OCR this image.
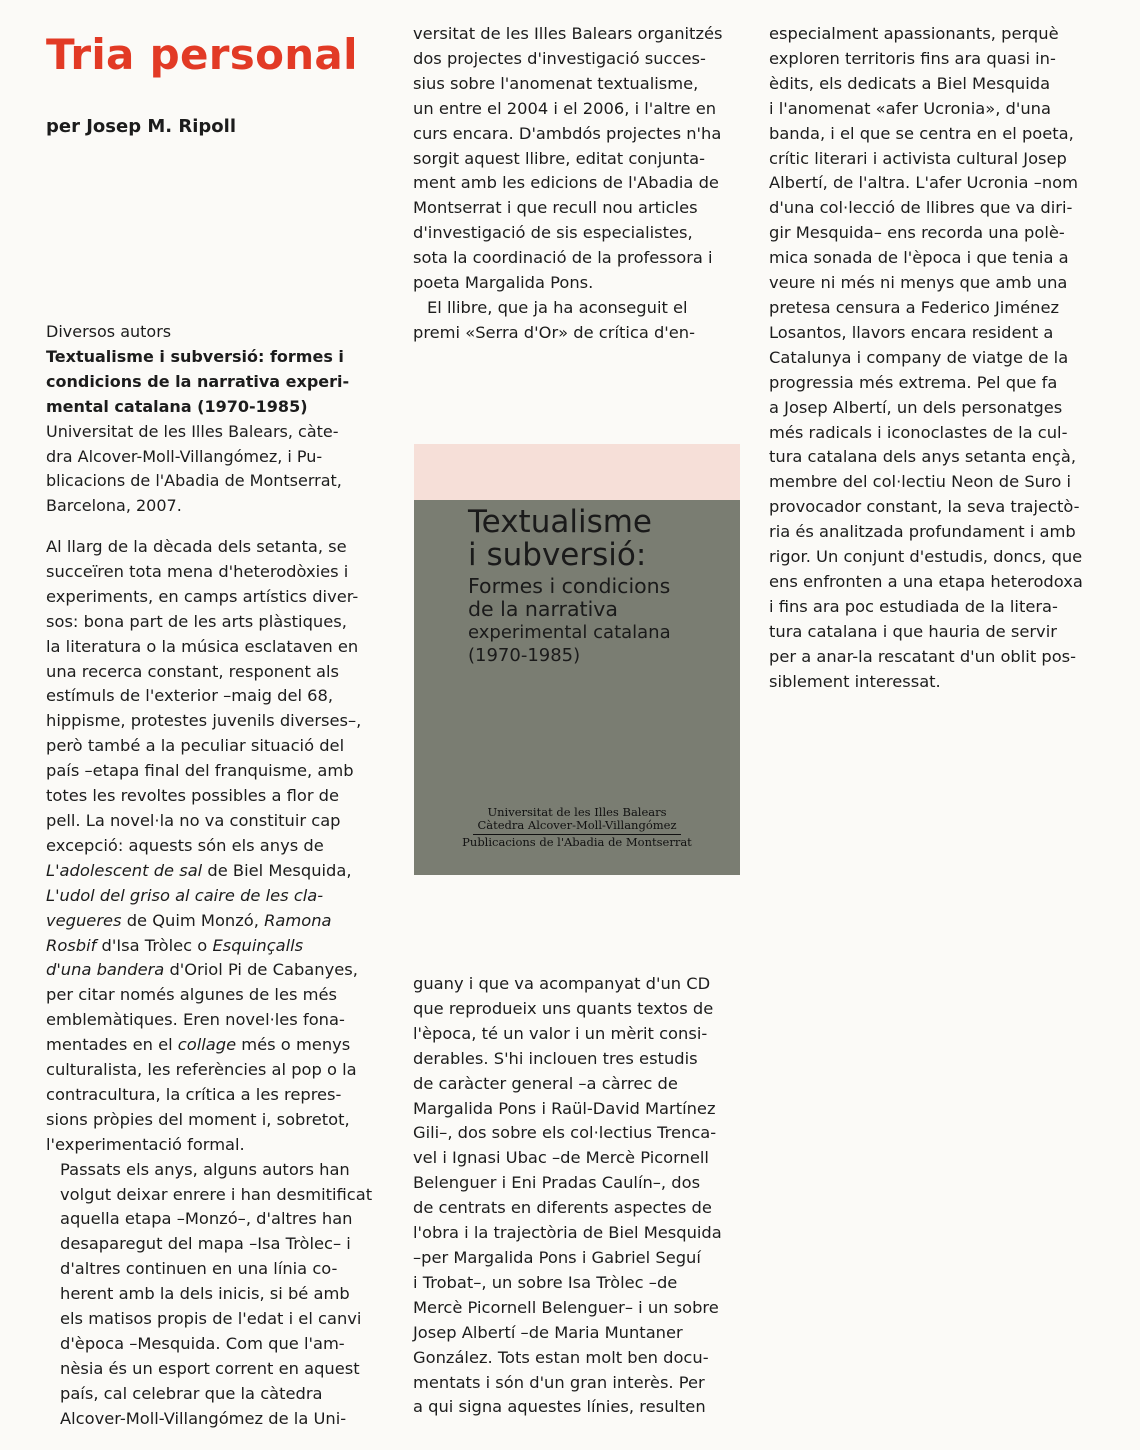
Tria personal
per Josep M. Ripoll
Diversos autors
Textualisme i subversió: formes i
condicions de la narrativa experi-
mental catalana (1970-1985)
Universitat de les Illes Balears, càte-
dra Alcover-Moll-Villangómez, i Pu-
blicacions de l'Abadia de Montserrat,
Barcelona, 2007.

Al llarg de la dècada dels setanta, se
succeïren tota mena d'heterodòxies i
experiments, en camps artístics diver-
sos: bona part de les arts plàstiques,
la literatura o la música esclataven en
una recerca constant, responent als
estímuls de l'exterior –maig del 68,
hippisme, protestes juvenils diverses–,
però també a la peculiar situació del
país –etapa final del franquisme, amb
totes les revoltes possibles a flor de
pell. La novel·la no va constituir cap
excepció: aquests són els anys de
L'adolescent de sal de Biel Mesquida,
L'udol del griso al caire de les cla-
vegueres de Quim Monzó, Ramona
Rosbif d'Isa Tròlec o Esquinçalls
d'una bandera d'Oriol Pi de Cabanyes,
per citar només algunes de les més
emblemàtiques. Eren novel·les fona-
mentades en el collage més o menys
culturalista, les referències al pop o la
contracultura, la crítica a les repres-
sions pròpies del moment i, sobretot,
l'experimentació formal.

Passats els anys, alguns autors han
volgut deixar enrere i han desmitificat
aquella etapa –Monzó–, d'altres han
desaparegut del mapa –Isa Tròlec– i
d'altres continuen en una línia co-
herent amb la dels inicis, si bé amb
els matisos propis de l'edat i el canvi
d'època –Mesquida. Com que l'am-
nèsia és un esport corrent en aquest
país, cal celebrar que la càtedra
Alcover-Moll-Villangómez de la Uni-

versitat de les Illes Balears organitzés
dos projectes d'investigació succes-
sius sobre l'anomenat textualisme,
un entre el 2004 i el 2006, i l'altre en
curs encara. D'ambdós projectes n'ha
sorgit aquest llibre, editat conjunta-
ment amb les edicions de l'Abadia de
Montserrat i que recull nou articles
d'investigació de sis especialistes,
sota la coordinació de la professora i
poeta Margalida Pons.

El llibre, que ja ha aconseguit el
premi «Serra d'Or» de crítica d'en-

Textualisme
i subversió:
Formes i condicions
de la narrativa
experimental catalana
(1970-1985)
Universitat de les Illes Balears
Càtedra Alcover-Moll-Villangómez
Publicacions de l'Abadia de Montserrat

guany i que va acompanyat d'un CD
que reprodueix uns quants textos de
l'època, té un valor i un mèrit consi-
derables. S'hi inclouen tres estudis
de caràcter general –a càrrec de
Margalida Pons i Raül-David Martínez
Gili–, dos sobre els col·lectius Trenca-
vel i Ignasi Ubac –de Mercè Picornell
Belenguer i Eni Pradas Caulín–, dos
de centrats en diferents aspectes de
l'obra i la trajectòria de Biel Mesquida
–per Margalida Pons i Gabriel Seguí
i Trobat–, un sobre Isa Tròlec –de
Mercè Picornell Belenguer– i un sobre
Josep Albertí –de Maria Muntaner
González. Tots estan molt ben docu-
mentats i són d'un gran interès. Per
a qui signa aquestes línies, resulten

especialment apassionants, perquè
exploren territoris fins ara quasi in-
èdits, els dedicats a Biel Mesquida
i l'anomenat «afer Ucronia», d'una
banda, i el que se centra en el poeta,
crític literari i activista cultural Josep
Albertí, de l'altra. L'afer Ucronia –nom
d'una col·lecció de llibres que va diri-
gir Mesquida– ens recorda una polè-
mica sonada de l'època i que tenia a
veure ni més ni menys que amb una
pretesa censura a Federico Jiménez
Losantos, llavors encara resident a
Catalunya i company de viatge de la
progressia més extrema. Pel que fa
a Josep Albertí, un dels personatges
més radicals i iconoclastes de la cul-
tura catalana dels anys setanta ençà,
membre del col·lectiu Neon de Suro i
provocador constant, la seva trajectò-
ria és analitzada profundament i amb
rigor. Un conjunt d'estudis, doncs, que
ens enfronten a una etapa heterodoxa
i fins ara poc estudiada de la litera-
tura catalana i que hauria de servir
per a anar-la rescatant d'un oblit pos-
siblement interessat.
